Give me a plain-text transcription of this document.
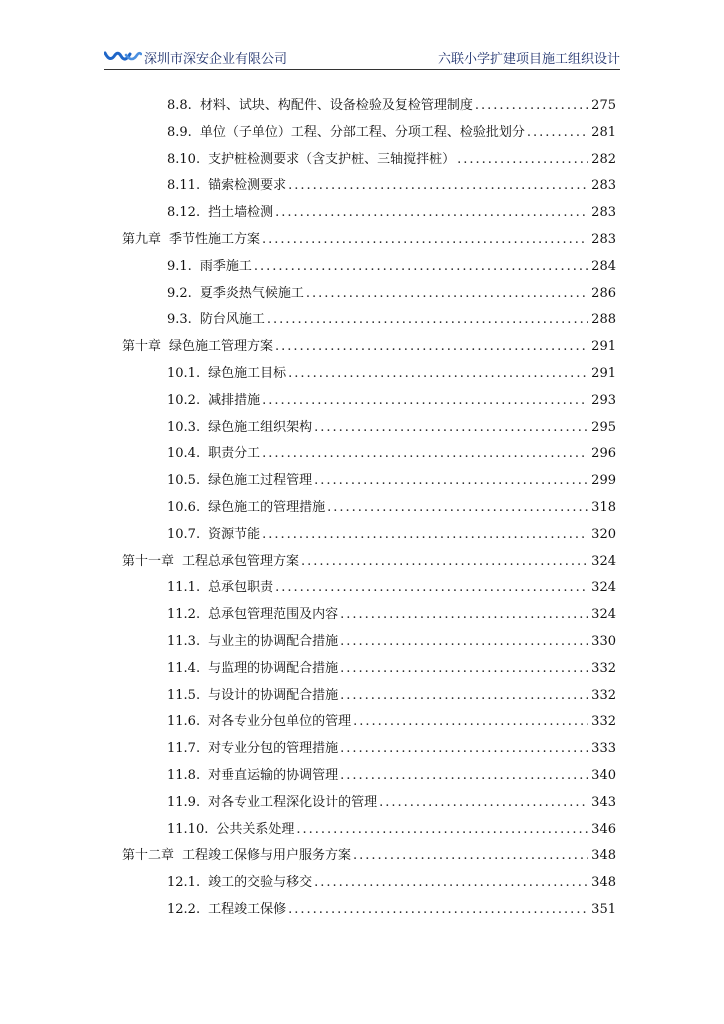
深圳市深安企业有限公司	六联小学扩建项目施工组织设计
8.8. 材料、试块、构配件、设备检验及复检管理制度 .....	275
8.9. 单位（子单位）工程、分部工程、分项工程、检验批划分 .....	281
8.10. 支护桩检测要求（含支护桩、三轴搅拌桩） .....	282
8.11. 锚索检测要求 .....	283
8.12. 挡土墙检测 .....	283
第九章 季节性施工方案 .....	283
9.1. 雨季施工 .....	284
9.2. 夏季炎热气候施工 .....	286
9.3. 防台风施工 .....	288
第十章 绿色施工管理方案 .....	291
10.1. 绿色施工目标 .....	291
10.2. 减排措施 .....	293
10.3. 绿色施工组织架构 .....	295
10.4. 职责分工 .....	296
10.5. 绿色施工过程管理 .....	299
10.6. 绿色施工的管理措施 .....	318
10.7. 资源节能 .....	320
第十一章 工程总承包管理方案 .....	324
11.1. 总承包职责 .....	324
11.2. 总承包管理范围及内容 .....	324
11.3. 与业主的协调配合措施 .....	330
11.4. 与监理的协调配合措施 .....	332
11.5. 与设计的协调配合措施 .....	332
11.6. 对各专业分包单位的管理 .....	332
11.7. 对专业分包的管理措施 .....	333
11.8. 对垂直运输的协调管理 .....	340
11.9. 对各专业工程深化设计的管理 .....	343
11.10. 公共关系处理 .....	346
第十二章 工程竣工保修与用户服务方案 .....	348
12.1. 竣工的交验与移交 .....	348
12.2. 工程竣工保修 .....	351
